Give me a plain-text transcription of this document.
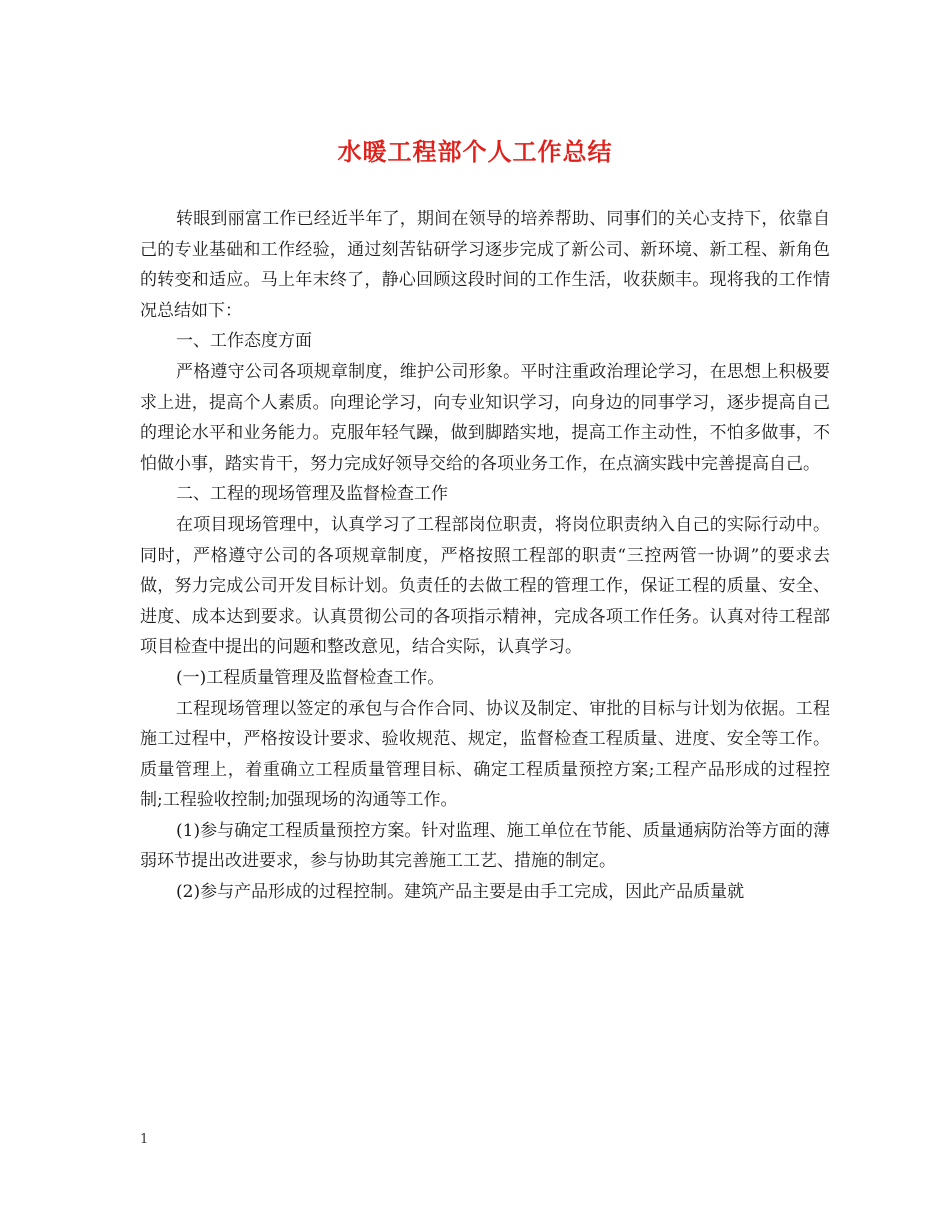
水暖工程部个人工作总结

转眼到丽富工作已经近半年了，期间在领导的培养帮助、同事们的关心支持下，依靠自己的专业基础和工作经验，通过刻苦钻研学习逐步完成了新公司、新环境、新工程、新角色的转变和适应。马上年末终了，静心回顾这段时间的工作生活，收获颇丰。现将我的工作情况总结如下：

一、工作态度方面

严格遵守公司各项规章制度，维护公司形象。平时注重政治理论学习，在思想上积极要求上进，提高个人素质。向理论学习，向专业知识学习，向身边的同事学习，逐步提高自己的理论水平和业务能力。克服年轻气躁，做到脚踏实地，提高工作主动性，不怕多做事，不怕做小事，踏实肯干，努力完成好领导交给的各项业务工作，在点滴实践中完善提高自己。

二、工程的现场管理及监督检查工作

在项目现场管理中，认真学习了工程部岗位职责，将岗位职责纳入自己的实际行动中。同时，严格遵守公司的各项规章制度，严格按照工程部的职责“三控两管一协调”的要求去做，努力完成公司开发目标计划。负责任的去做工程的管理工作，保证工程的质量、安全、进度、成本达到要求。认真贯彻公司的各项指示精神，完成各项工作任务。认真对待工程部项目检查中提出的问题和整改意见，结合实际，认真学习。

(一)工程质量管理及监督检查工作。

工程现场管理以签定的承包与合作合同、协议及制定、审批的目标与计划为依据。工程施工过程中，严格按设计要求、验收规范、规定，监督检查工程质量、进度、安全等工作。质量管理上，着重确立工程质量管理目标、确定工程质量预控方案;工程产品形成的过程控制;工程验收控制;加强现场的沟通等工作。

(1)参与确定工程质量预控方案。针对监理、施工单位在节能、质量通病防治等方面的薄弱环节提出改进要求，参与协助其完善施工工艺、措施的制定。

(2)参与产品形成的过程控制。建筑产品主要是由手工完成，因此产品质量就

1
